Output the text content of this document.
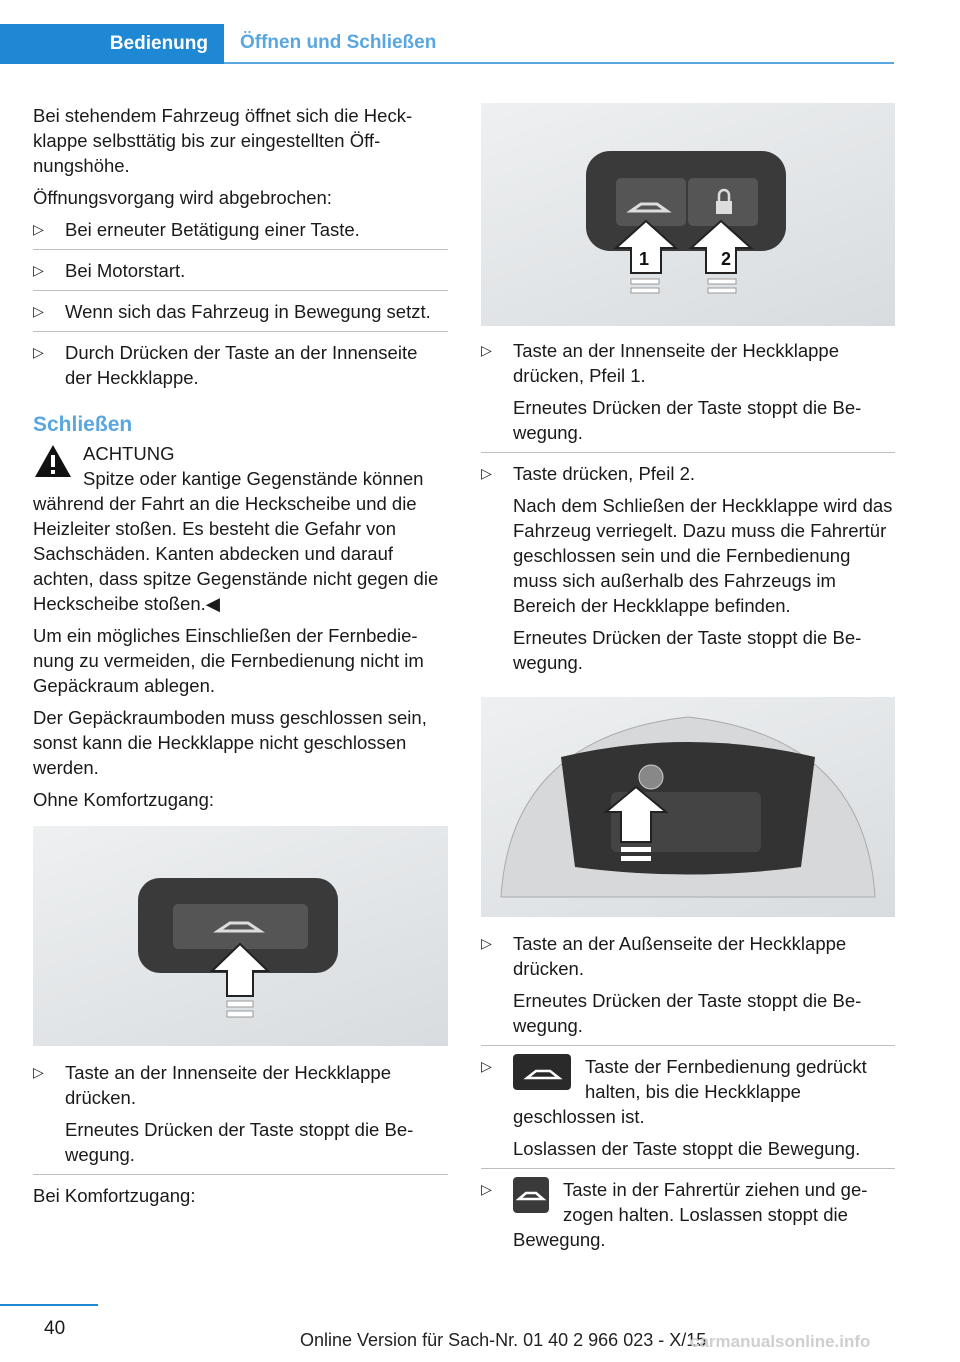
Bedienung	Öffnen und Schließen

Bei stehendem Fahrzeug öffnet sich die Heckklappe selbsttätig bis zur eingestellten Öffnungshöhe.

Öffnungsvorgang wird abgebrochen:

▷ Bei erneuter Betätigung einer Taste.
▷ Bei Motorstart.
▷ Wenn sich das Fahrzeug in Bewegung setzt.
▷ Durch Drücken der Taste an der Innenseite der Heckklappe.
Schließen
ACHTUNG

Spitze oder kantige Gegenstände können während der Fahrt an die Heckscheibe und die Heizleiter stoßen. Es besteht die Gefahr von Sachschäden. Kanten abdecken und darauf achten, dass spitze Gegenstände nicht gegen die Heckscheibe stoßen.◀

Um ein mögliches Einschließen der Fernbedienung zu vermeiden, die Fernbedienung nicht im Gepäckraum ablegen.

Der Gepäckraumboden muss geschlossen sein, sonst kann die Heckklappe nicht geschlossen werden.

Ohne Komfortzugang:

▷ Taste an der Innenseite der Heckklappe drücken.

Erneutes Drücken der Taste stoppt die Bewegung.

Bei Komfortzugang:

1	2
▷ Taste an der Innenseite der Heckklappe drücken, Pfeil 1.

Erneutes Drücken der Taste stoppt die Bewegung.

▷ Taste drücken, Pfeil 2.

Nach dem Schließen der Heckklappe wird das Fahrzeug verriegelt. Dazu muss die Fahrertür geschlossen sein und die Fernbedienung muss sich außerhalb des Fahrzeugs im Bereich der Heckklappe befinden.

Erneutes Drücken der Taste stoppt die Bewegung.

▷ Taste an der Außenseite der Heckklappe drücken.

Erneutes Drücken der Taste stoppt die Bewegung.

▷	Taste der Fernbedienung gedrückt halten, bis die Heckklappe geschlossen ist.

Loslassen der Taste stoppt die Bewegung.

▷	Taste in der Fahrertür ziehen und gezogen halten. Loslassen stoppt die Bewegung.

40
Online Version für Sach-Nr. 01 40 2 966 023 - X/15
carmanualsonline.info
